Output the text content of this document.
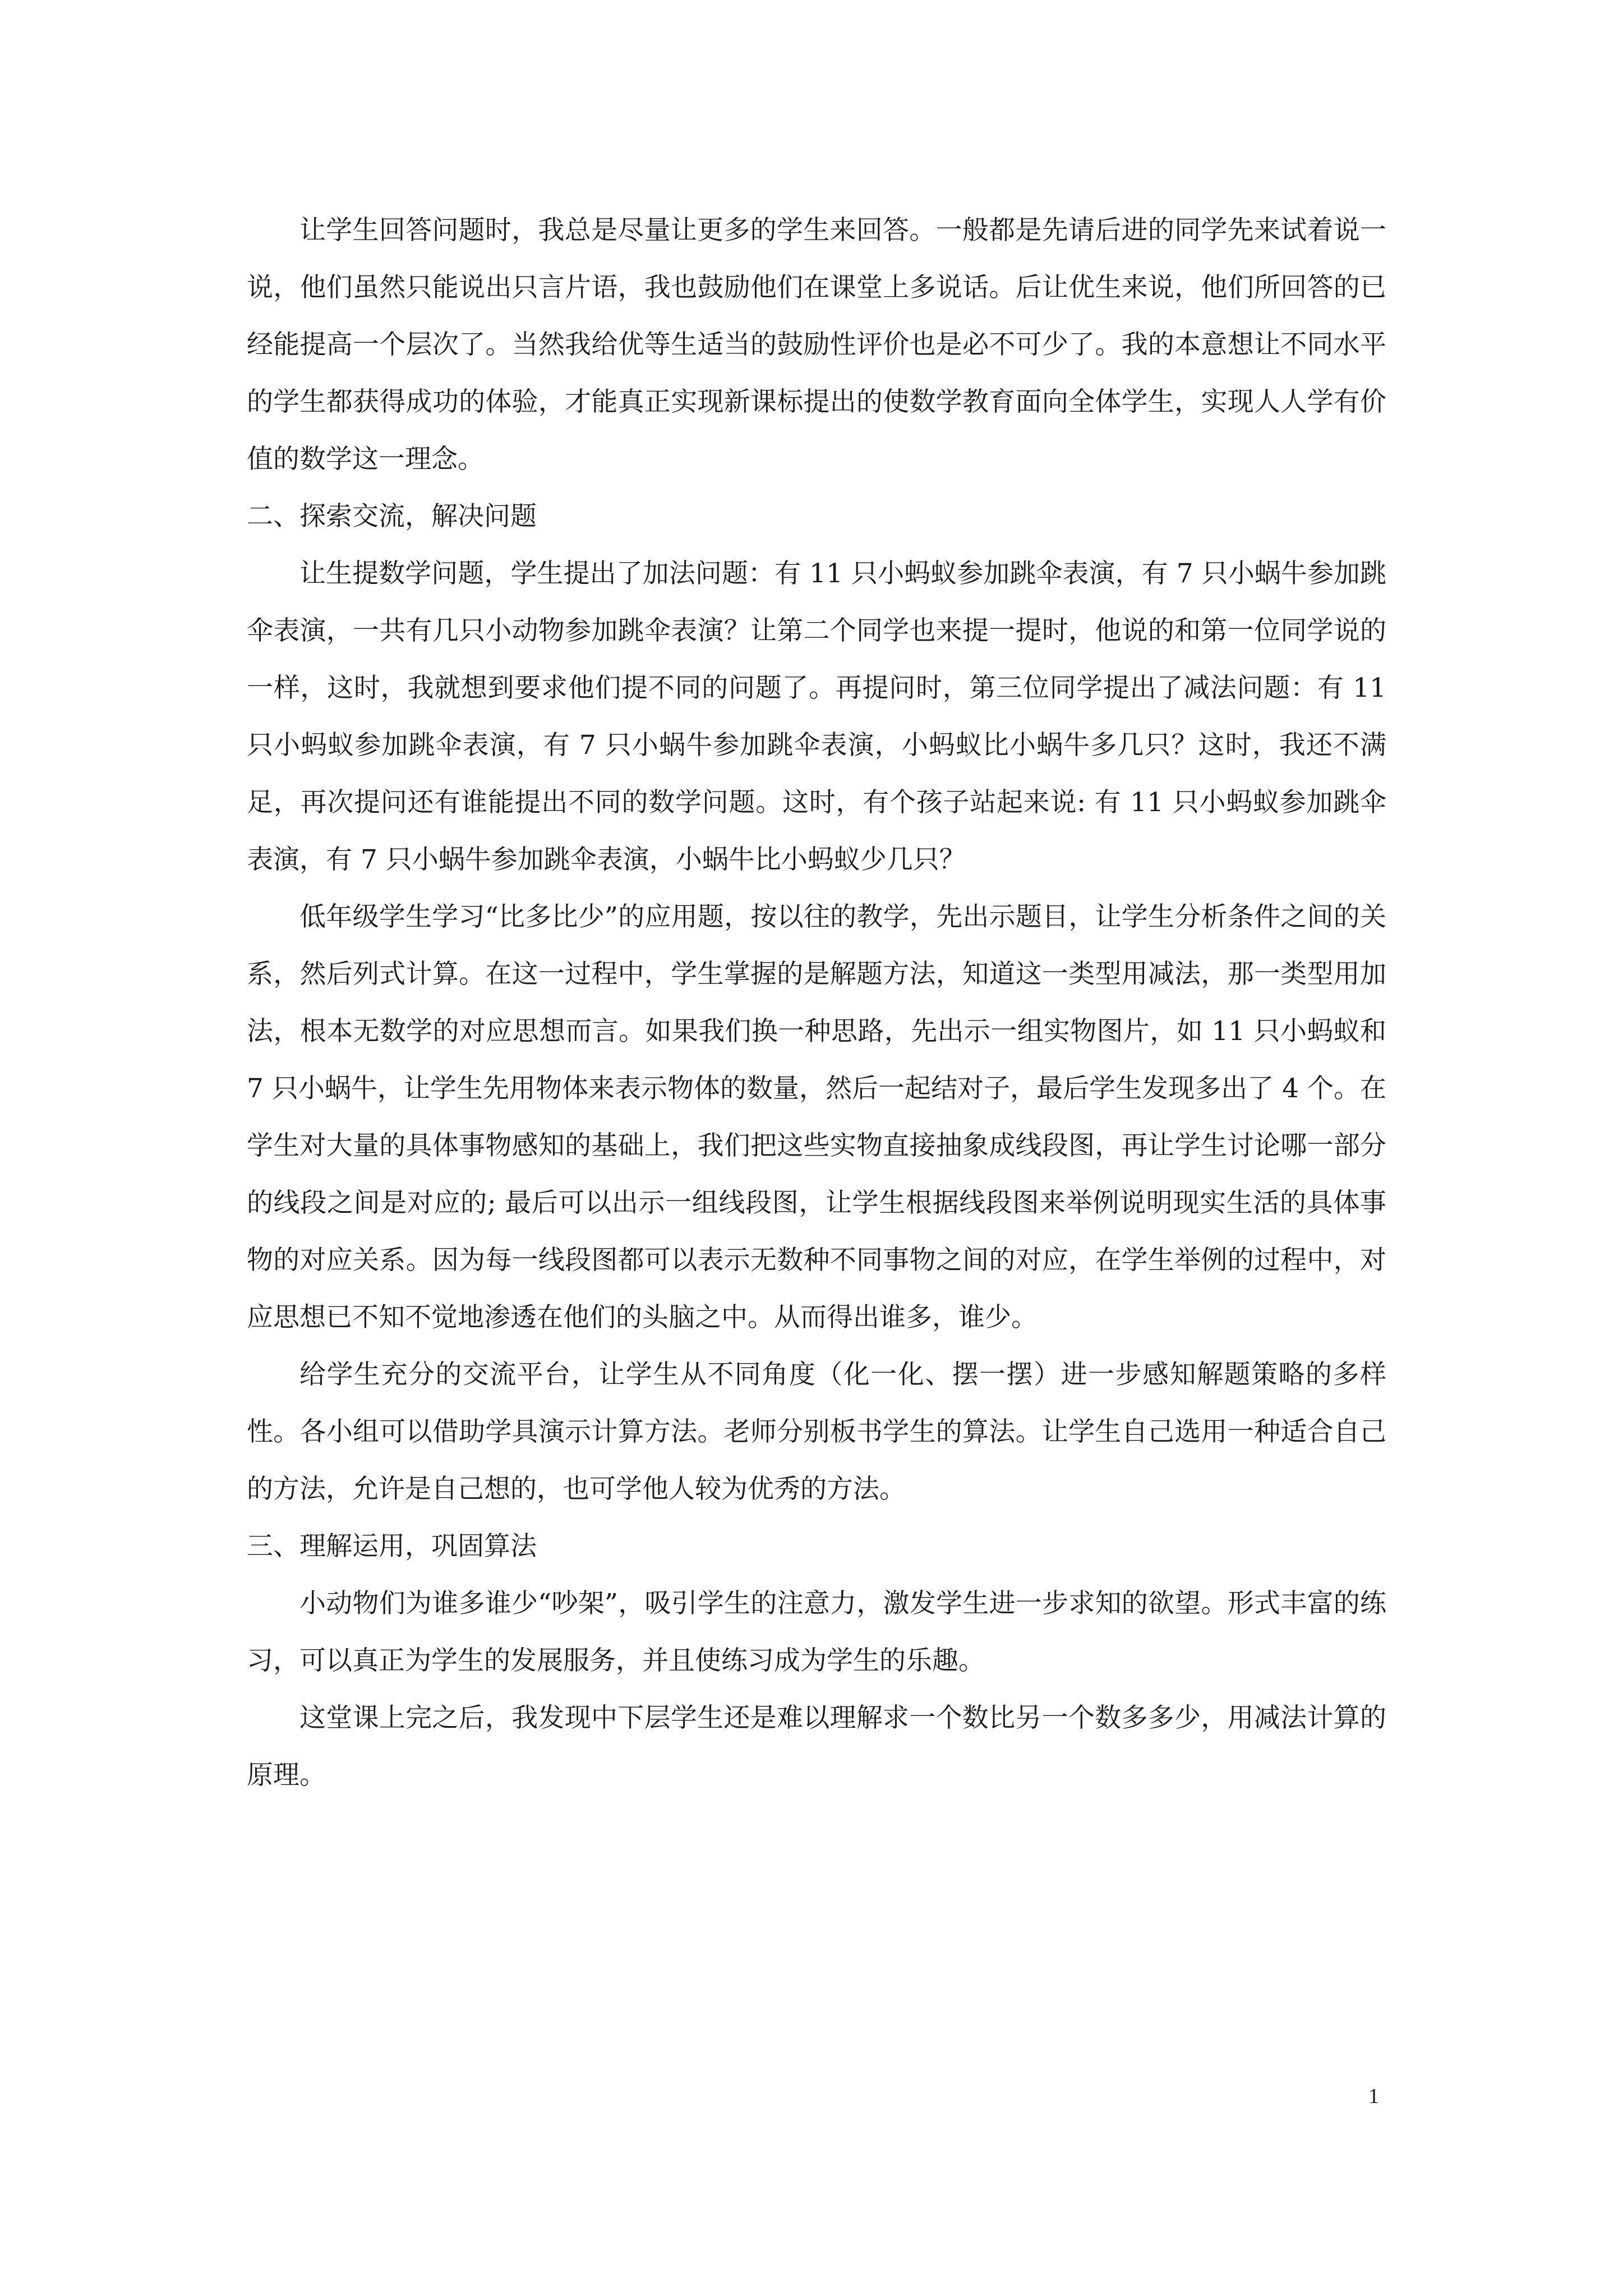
让学生回答问题时，我总是尽量让更多的学生来回答。一般都是先请后进的同学先来试着说一说，他们虽然只能说出只言片语，我也鼓励他们在课堂上多说话。后让优生来说，他们所回答的已经能提高一个层次了。当然我给优等生适当的鼓励性评价也是必不可少了。我的本意想让不同水平的学生都获得成功的体验，才能真正实现新课标提出的使数学教育面向全体学生，实现人人学有价值的数学这一理念。

二、探索交流，解决问题

让生提数学问题，学生提出了加法问题：有 11 只小蚂蚁参加跳伞表演，有 7 只小蜗牛参加跳伞表演，一共有几只小动物参加跳伞表演？让第二个同学也来提一提时，他说的和第一位同学说的一样，这时，我就想到要求他们提不同的问题了。再提问时，第三位同学提出了减法问题：有 11 只小蚂蚁参加跳伞表演，有 7 只小蜗牛参加跳伞表演，小蚂蚁比小蜗牛多几只？这时，我还不满足，再次提问还有谁能提出不同的数学问题。这时，有个孩子站起来说: 有 11 只小蚂蚁参加跳伞表演，有 7 只小蜗牛参加跳伞表演，小蜗牛比小蚂蚁少几只？

低年级学生学习“比多比少”的应用题，按以往的教学，先出示题目，让学生分析条件之间的关系，然后列式计算。在这一过程中，学生掌握的是解题方法，知道这一类型用减法，那一类型用加法，根本无数学的对应思想而言。如果我们换一种思路，先出示一组实物图片，如 11 只小蚂蚁和 7 只小蜗牛，让学生先用物体来表示物体的数量，然后一起结对子，最后学生发现多出了 4 个。在学生对大量的具体事物感知的基础上，我们把这些实物直接抽象成线段图，再让学生讨论哪一部分的线段之间是对应的; 最后可以出示一组线段图，让学生根据线段图来举例说明现实生活的具体事物的对应关系。因为每一线段图都可以表示无数种不同事物之间的对应，在学生举例的过程中，对应思想已不知不觉地渗透在他们的头脑之中。从而得出谁多，谁少。

给学生充分的交流平台，让学生从不同角度（化一化、摆一摆）进一步感知解题策略的多样性。各小组可以借助学具演示计算方法。老师分别板书学生的算法。让学生自己选用一种适合自己的方法，允许是自己想的，也可学他人较为优秀的方法。

三、理解运用，巩固算法

小动物们为谁多谁少“吵架”，吸引学生的注意力，激发学生进一步求知的欲望。形式丰富的练习，可以真正为学生的发展服务，并且使练习成为学生的乐趣。

这堂课上完之后，我发现中下层学生还是难以理解求一个数比另一个数多多少，用减法计算的原理。

1
